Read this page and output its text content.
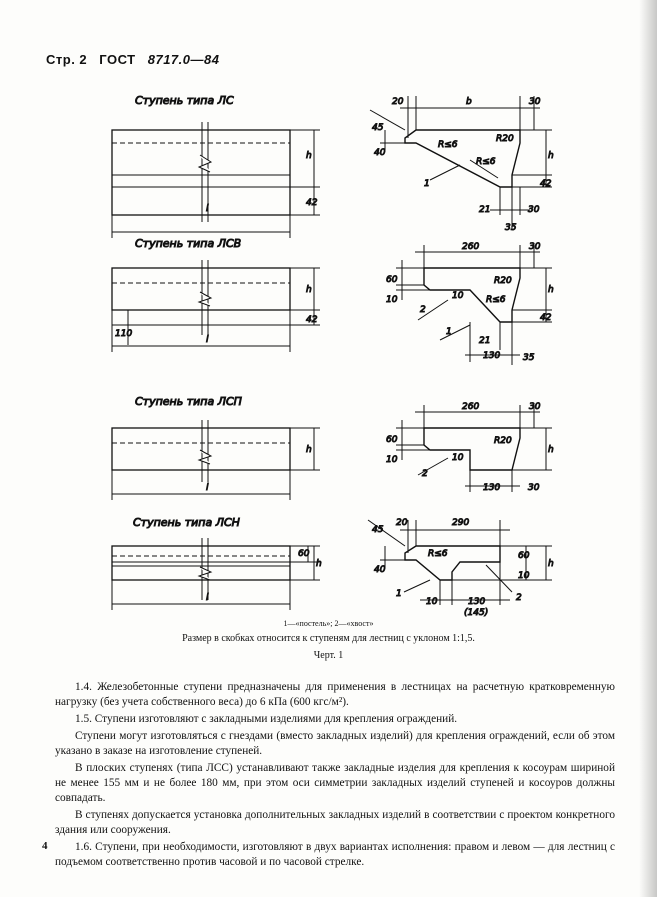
Стр. 2 ГОСТ 8717.0—84
Ступень типа ЛС
l
h
42
20	b	30
45
40
R≤6
R20
R≤6
h
42
21	30
35
1
Ступень типа ЛСВ
l
h
42
110
260	30
60
10
R20
10	R≤6
h
42
21
130	35
2
1
Ступень типа ЛСП
l
h
260	30
60
10
R20
10
h
130	30
2
Ступень типа ЛСН
l
60
h
20	290
45
40
R≤6	60
10
h
10	130
(145)
1	2
1—«постель»; 2—«хвост»
Размер в скобках относится к ступеням для лестниц с уклоном 1:1,5.
Черт. 1

1.4. Железобетонные ступени предназначены для применения в лестницах на расчетную кратковременную нагрузку (без учета собственного веса) до 6 кПа (600 кгс/м²).

1.5. Ступени изготовляют с закладными изделиями для крепления ограждений.

Ступени могут изготовляться с гнездами (вместо закладных изделий) для крепления ограждений, если об этом указано в заказе на изготовление ступеней.

В плоских ступенях (типа ЛСС) устанавливают также закладные изделия для крепления к косоурам шириной не менее 155 мм и не более 180 мм, при этом оси симметрии закладных изделий ступеней и косоуров должны совпадать.

В ступенях допускается установка дополнительных закладных изделий в соответствии с проектом конкретного здания или сооружения.

1.6. Ступени, при необходимости, изготовляют в двух вариантах исполнения: правом и левом — для лестниц с подъемом соответственно против часовой и по часовой стрелке.

4
